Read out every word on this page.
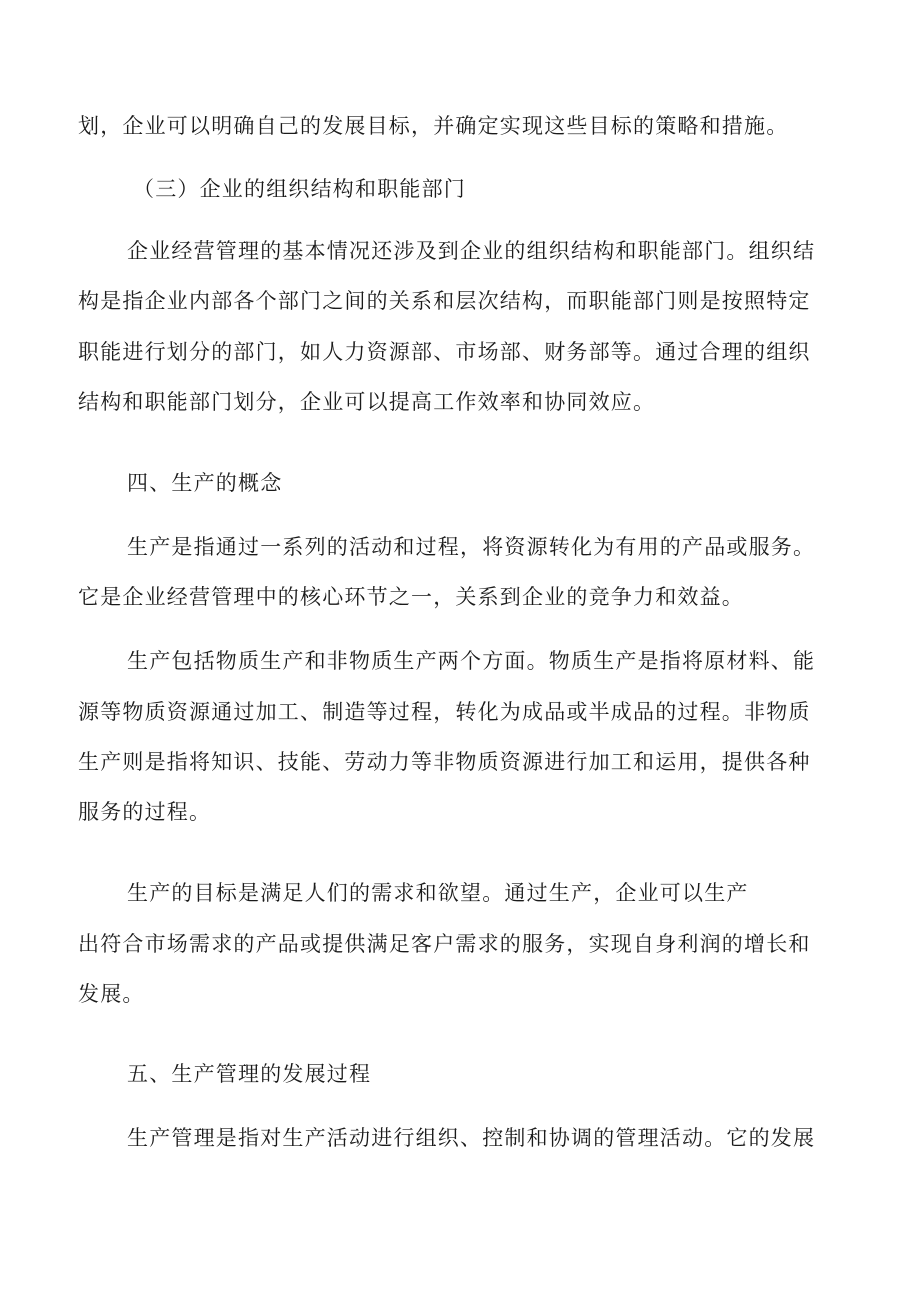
划，企业可以明确自己的发展目标，并确定实现这些目标的策略和措施。
（三）企业的组织结构和职能部门
企业经营管理的基本情况还涉及到企业的组织结构和职能部门。组织结
构是指企业内部各个部门之间的关系和层次结构，而职能部门则是按照特定
职能进行划分的部门，如人力资源部、市场部、财务部等。通过合理的组织
结构和职能部门划分，企业可以提高工作效率和协同效应。
四、生产的概念
生产是指通过一系列的活动和过程，将资源转化为有用的产品或服务。
它是企业经营管理中的核心环节之一，关系到企业的竞争力和效益。
生产包括物质生产和非物质生产两个方面。物质生产是指将原材料、能
源等物质资源通过加工、制造等过程，转化为成品或半成品的过程。非物质
生产则是指将知识、技能、劳动力等非物质资源进行加工和运用，提供各种
服务的过程。
生产的目标是满足人们的需求和欲望。通过生产，企业可以生产
出符合市场需求的产品或提供满足客户需求的服务，实现自身利润的增长和
发展。
五、生产管理的发展过程
生产管理是指对生产活动进行组织、控制和协调的管理活动。它的发展
